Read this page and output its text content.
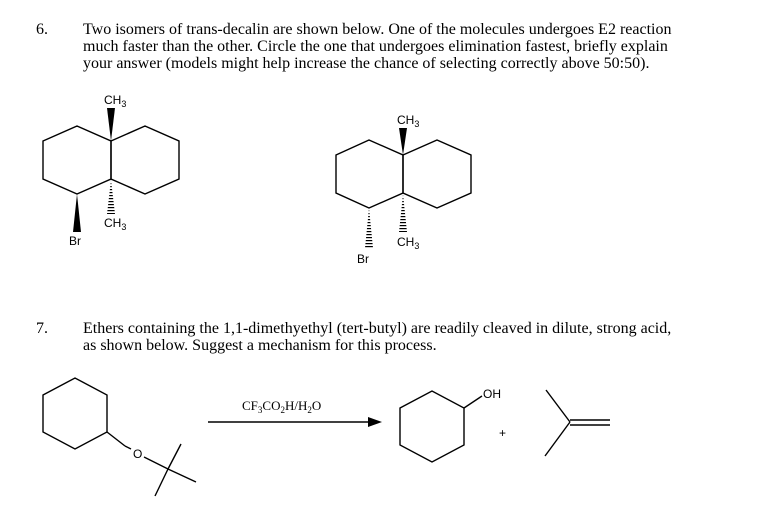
6. Two isomers of trans-decalin are shown below. One of the molecules undergoes E2 reaction
much faster than the other. Circle the one that undergoes elimination fastest, briefly explain
your answer (models might help increase the chance of selecting correctly above 50:50).
7. Ethers containing the 1,1-dimethyethyl (tert-butyl) are readily cleaved in dilute, strong acid,
as shown below. Suggest a mechanism for this process.
$CH_3$
$CH_3$
Br
$CH_3$
$CH_3$
Br
O
$CF_3CO_2H/H_2O$
OH
+
